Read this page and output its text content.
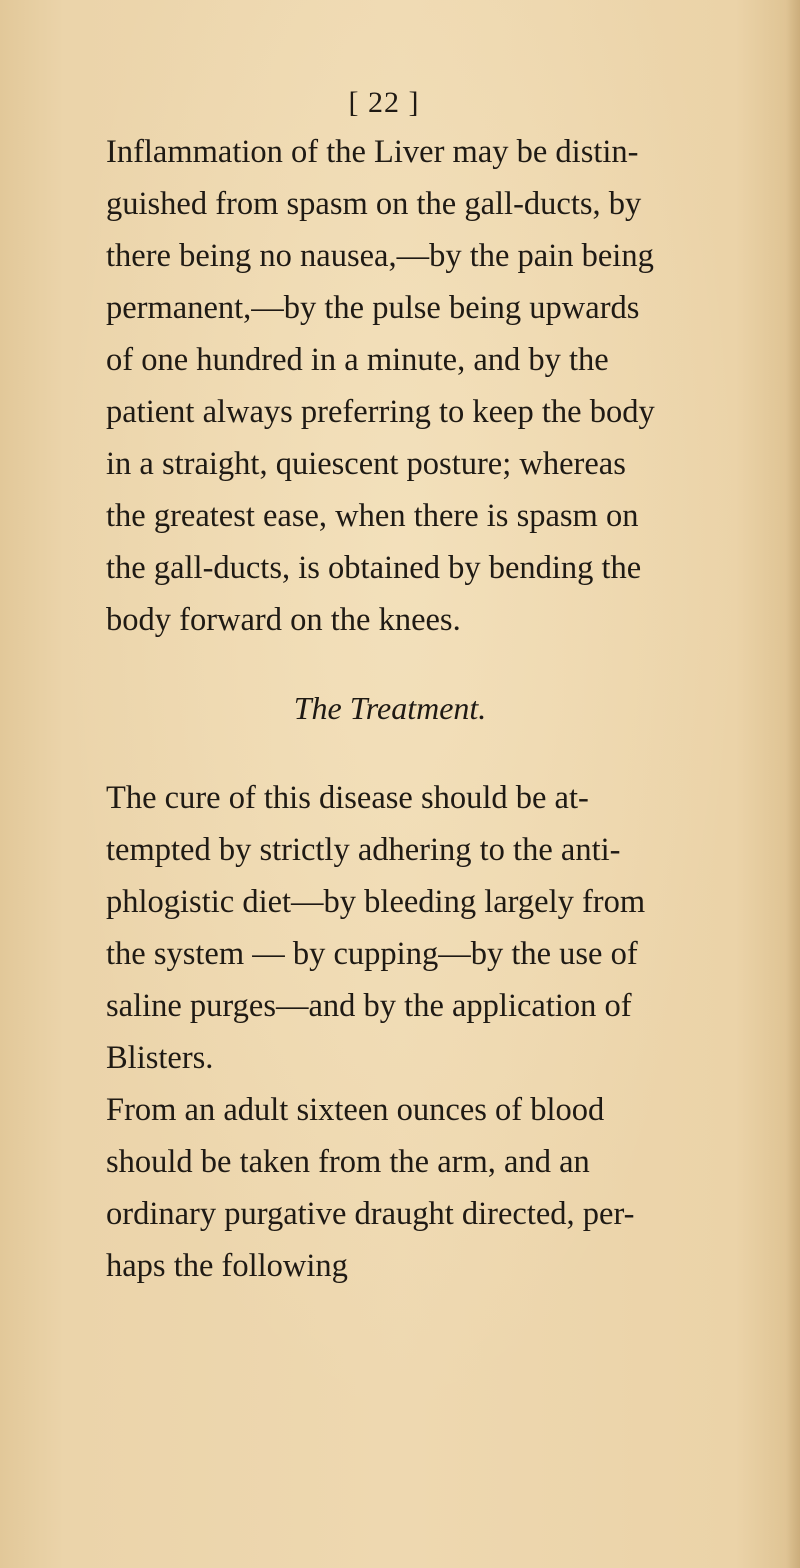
[ 22 ]
Inflammation of the Liver may be distin-
guished from spasm on the gall-ducts, by
there being no nausea,—by the pain being
permanent,—by the pulse being upwards
of one hundred in a minute, and by the
patient always preferring to keep the body
in a straight, quiescent posture; whereas
the greatest ease, when there is spasm on
the gall-ducts, is obtained by bending the
body forward on the knees.
The cure of this disease should be at-
tempted by strictly adhering to the anti-
phlogistic diet—by bleeding largely from
the system — by cupping—by the use of
saline purges—and by the application of
Blisters.
From an adult sixteen ounces of blood
should be taken from the arm, and an
ordinary purgative draught directed, per-
haps the following
The Treatment.
